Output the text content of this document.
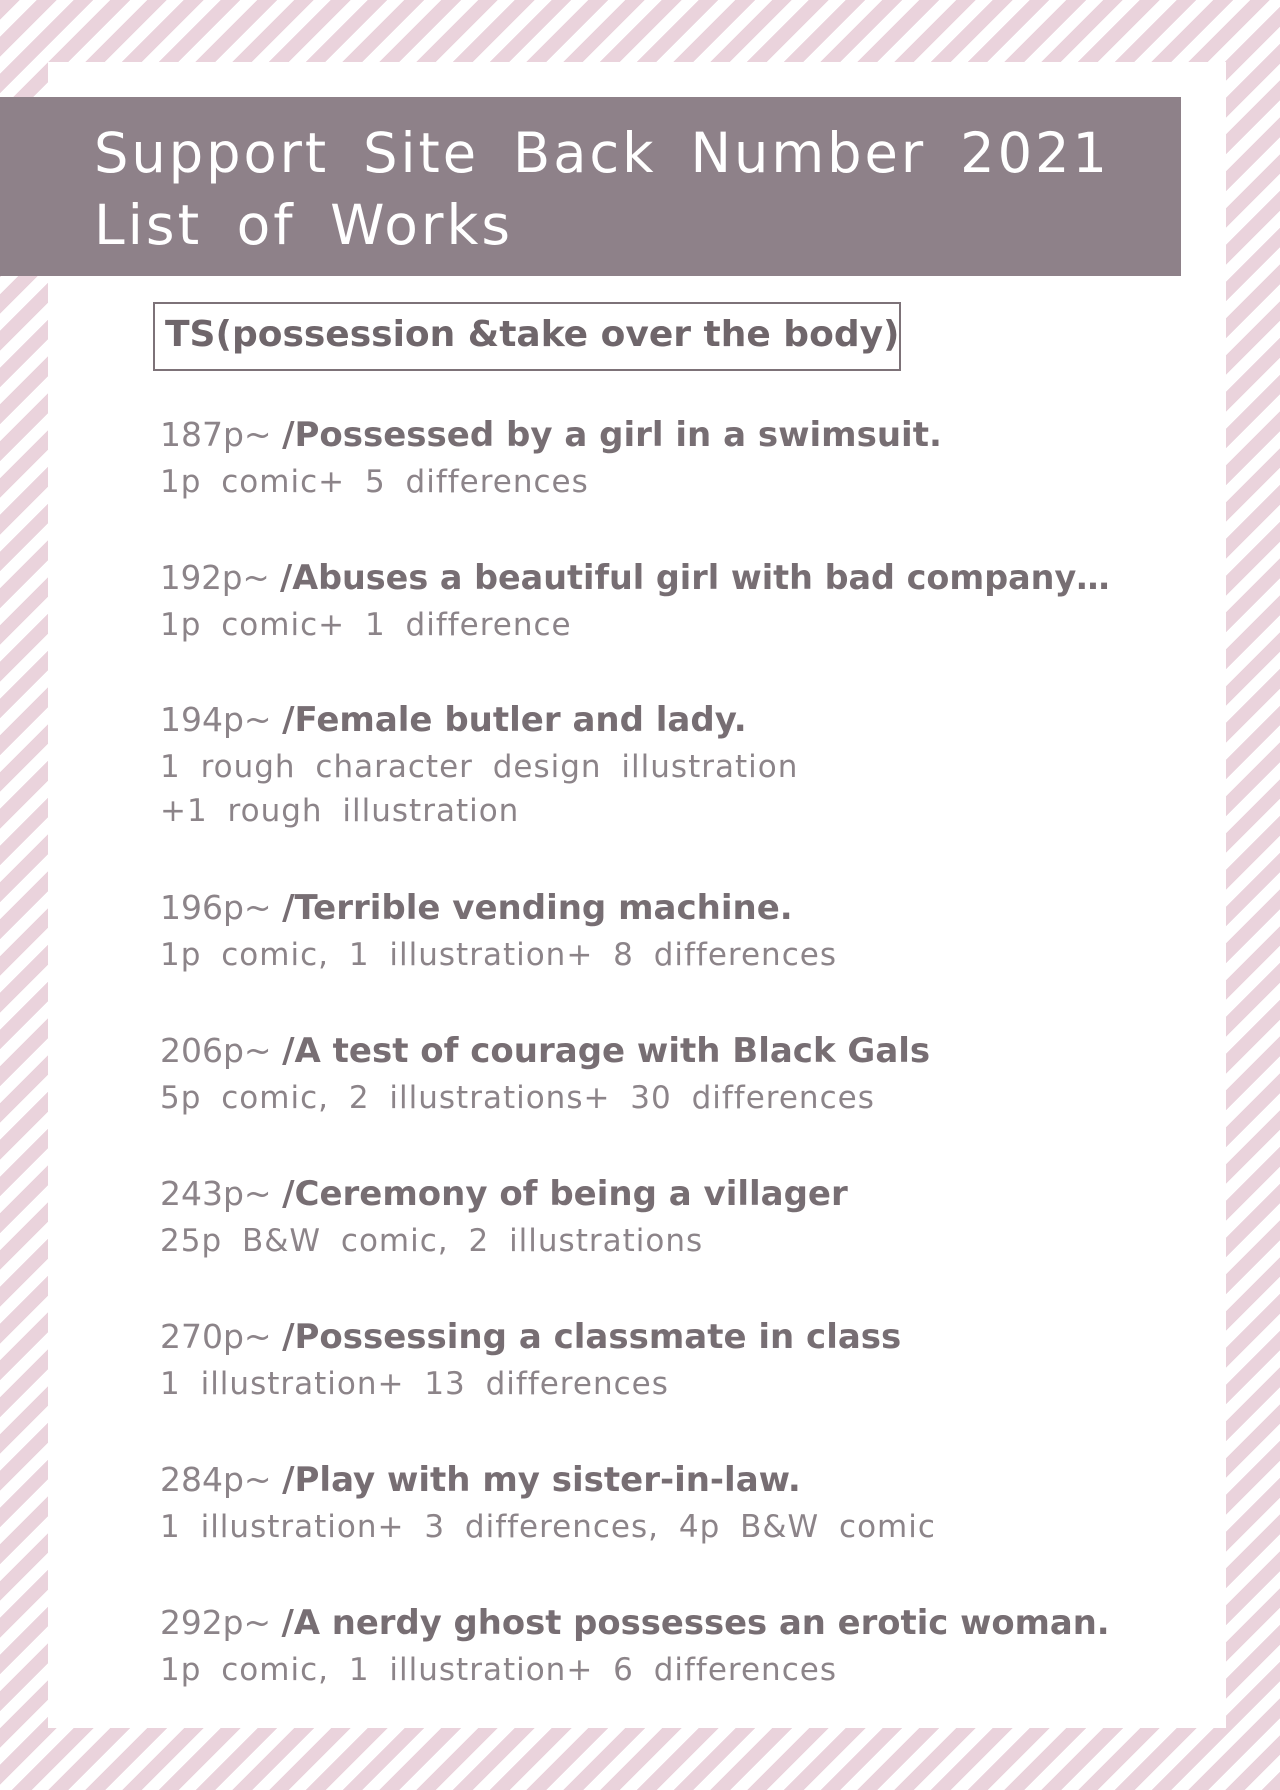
Support Site Back Number 2021
List of Works
TS(possession &take over the body)
187p~ /Possessed by a girl in a swimsuit.
1p comic+ 5 differences
192p~ /Abuses a beautiful girl with bad company…
1p comic+ 1 difference
194p~ /Female butler and lady.
1 rough character design illustration
+1 rough illustration
196p~ /Terrible vending machine.
1p comic, 1 illustration+ 8 differences
206p~ /A test of courage with Black Gals
5p comic, 2 illustrations+ 30 differences
243p~ /Ceremony of being a villager
25p B&W comic, 2 illustrations
270p~ /Possessing a classmate in class
1 illustration+ 13 differences
284p~ /Play with my sister-in-law.
1 illustration+ 3 differences, 4p B&W comic
292p~ /A nerdy ghost possesses an erotic woman.
1p comic, 1 illustration+ 6 differences
